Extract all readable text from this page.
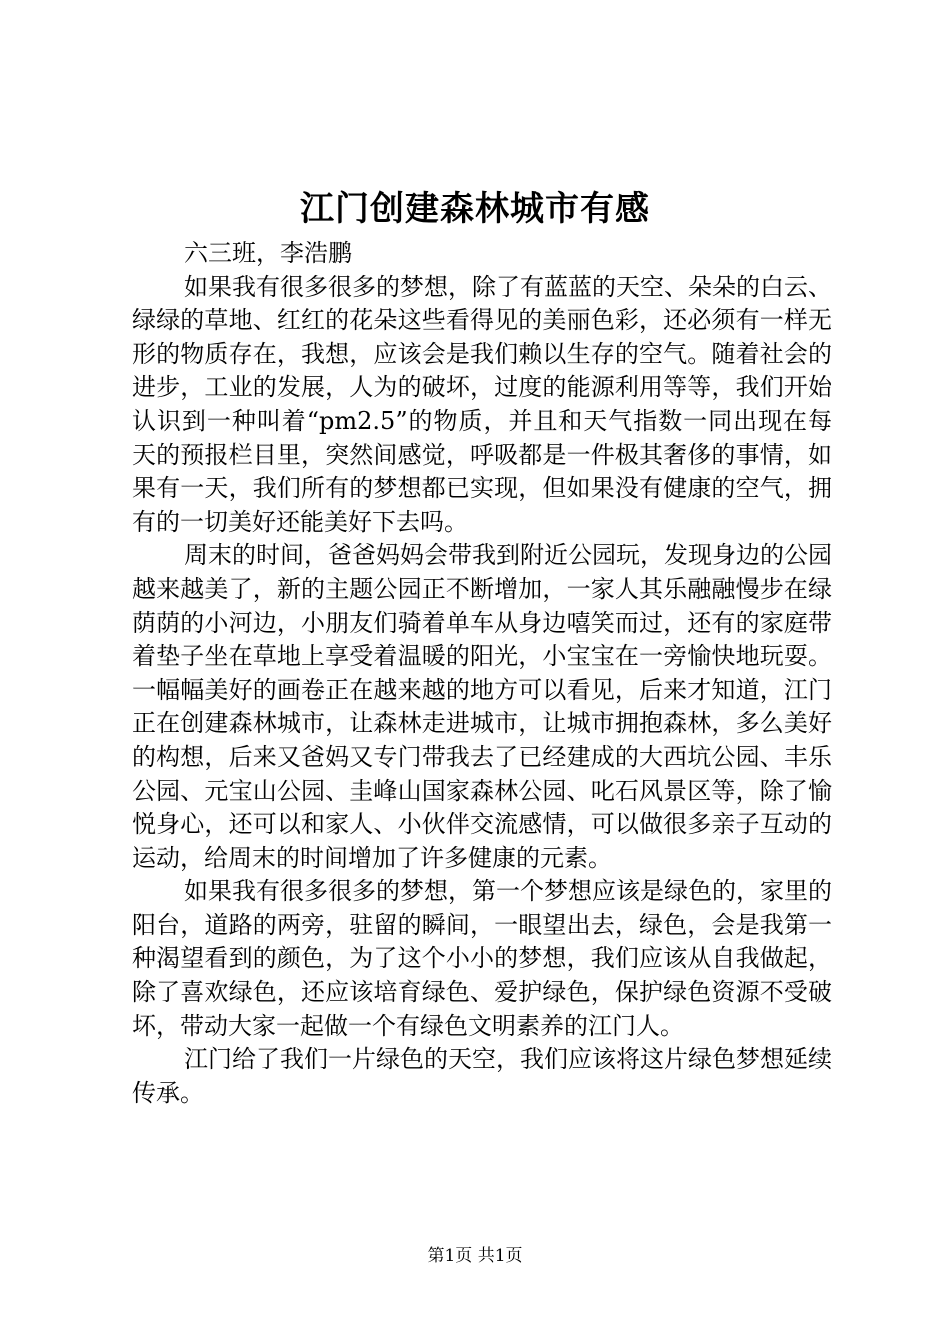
江门创建森林城市有感

六三班，李浩鹏

如果我有很多很多的梦想，除了有蓝蓝的天空、朵朵的白云、绿绿的草地、红红的花朵这些看得见的美丽色彩，还必须有一样无形的物质存在，我想，应该会是我们赖以生存的空气。随着社会的进步，工业的发展，人为的破坏，过度的能源利用等等，我们开始认识到一种叫着“pm2.5”的物质，并且和天气指数一同出现在每天的预报栏目里，突然间感觉，呼吸都是一件极其奢侈的事情，如果有一天，我们所有的梦想都已实现，但如果没有健康的空气，拥有的一切美好还能美好下去吗。

周末的时间，爸爸妈妈会带我到附近公园玩，发现身边的公园越来越美了，新的主题公园正不断增加，一家人其乐融融慢步在绿荫荫的小河边，小朋友们骑着单车从身边嘻笑而过，还有的家庭带着垫子坐在草地上享受着温暖的阳光，小宝宝在一旁愉快地玩耍。一幅幅美好的画卷正在越来越的地方可以看见，后来才知道，江门正在创建森林城市，让森林走进城市，让城市拥抱森林，多么美好的构想，后来又爸妈又专门带我去了已经建成的大西坑公园、丰乐公园、元宝山公园、圭峰山国家森林公园、叱石风景区等，除了愉悦身心，还可以和家人、小伙伴交流感情，可以做很多亲子互动的运动，给周末的时间增加了许多健康的元素。

如果我有很多很多的梦想，第一个梦想应该是绿色的，家里的阳台，道路的两旁，驻留的瞬间，一眼望出去，绿色，会是我第一种渴望看到的颜色，为了这个小小的梦想，我们应该从自我做起，除了喜欢绿色，还应该培育绿色、爱护绿色，保护绿色资源不受破坏，带动大家一起做一个有绿色文明素养的江门人。

江门给了我们一片绿色的天空，我们应该将这片绿色梦想延续传承。

第1页 共1页
